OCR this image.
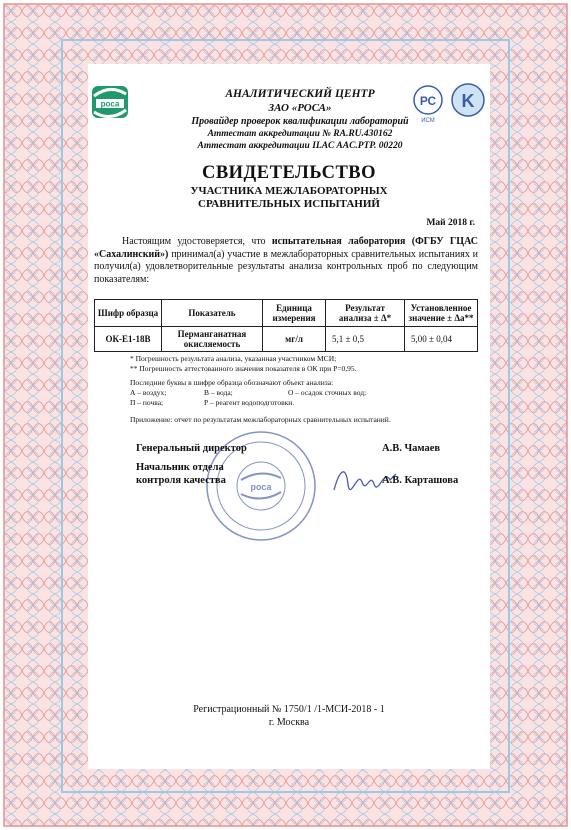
роса
АНАЛИТИЧЕСКИЙ ЦЕНТР
ЗАО «РОСА»
Провайдер проверок квалификации лабораторий
Аттестат аккредитации № RA.RU.430162
Аттестат аккредитации ILAC AAC.PTP. 00220
РС
ИСМ
K
СВИДЕТЕЛЬСТВО
УЧАСТНИКА МЕЖЛАБОРАТОРНЫХ
СРАВНИТЕЛЬНЫХ ИСПЫТАНИЙ
Май 2018 г.
Настоящим удостоверяется, что испытательная лаборатория (ФГБУ ГЦАС «Сахалинский») принимал(а) участие в межлабораторных сравнительных испытаниях и получил(а) удовлетворительные результаты анализа контрольных проб по следующим показателям:
Шифр образца	Показатель	Единица измерения	Результат анализа ± Δ*	Установленное значение ± Δа**
ОК-Е1-18В	Перманганатная окисляемость	мг/л	5,1 ± 0,5	5,00 ± 0,04
* Погрешность результата анализа, указанная участником МСИ;
** Погрешность аттестованного значения показателя в ОК при Р=0,95.
Последние буквы в шифре образца обозначают объект анализа:
А – воздух;	В – вода;	О – осадок сточных вод;
П – почва;	Р – реагент водоподготовки.
Приложение: отчет по результатам межлабораторных сравнительных испытаний.
роса
Генеральный директор	А.В. Чамаев
Начальник отдела
контроля качества	А.В. Карташова
Регистрационный № 1750/1 /1-МСИ-2018 - 1
г. Москва
